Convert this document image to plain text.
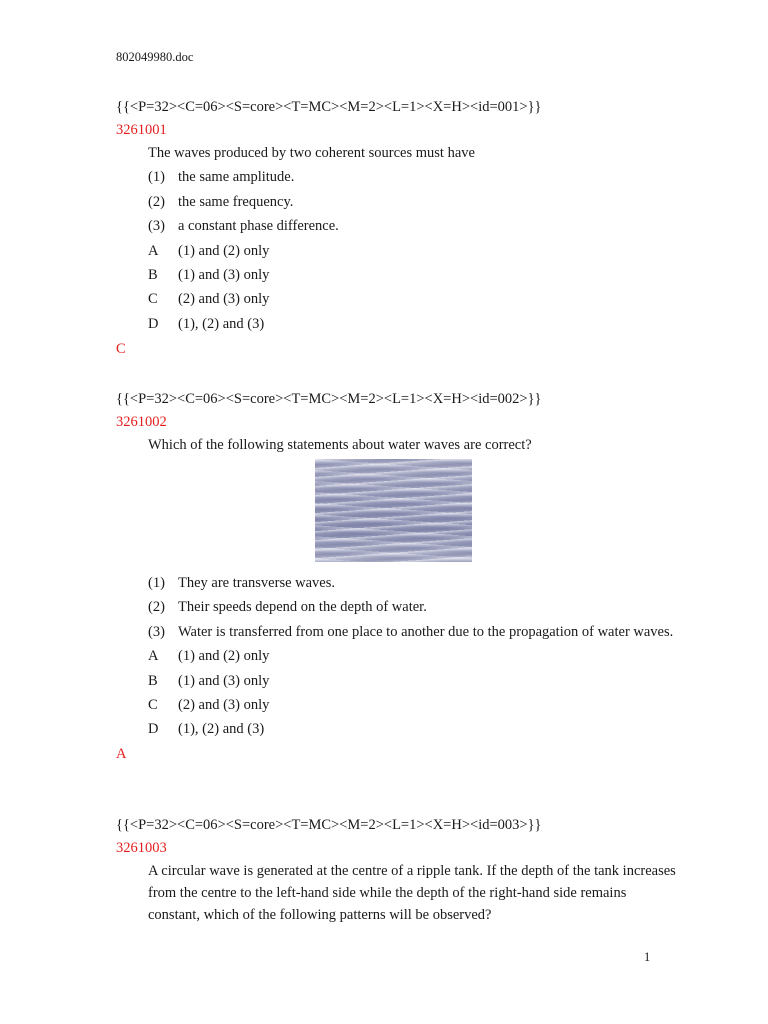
802049980.doc
{{<P=32><C=06><S=core><T=MC><M=2><L=1><X=H><id=001>}}
3261001
The waves produced by two coherent sources must have
(1) the same amplitude.
(2) the same frequency.
(3) a constant phase difference.
A	(1) and (2) only
B	(1) and (3) only
C	(2) and (3) only
D	(1), (2) and (3)
C
{{<P=32><C=06><S=core><T=MC><M=2><L=1><X=H><id=002>}}
3261002
Which of the following statements about water waves are correct?
(1) They are transverse waves.
(2) Their speeds depend on the depth of water.
(3) Water is transferred from one place to another due to the propagation of water waves.
A	(1) and (2) only
B	(1) and (3) only
C	(2) and (3) only
D	(1), (2) and (3)
A
{{<P=32><C=06><S=core><T=MC><M=2><L=1><X=H><id=003>}}
3261003
A circular wave is generated at the centre of a ripple tank. If the depth of the tank increases from the centre to the left-hand side while the depth of the right-hand side remains constant, which of the following patterns will be observed?
1
